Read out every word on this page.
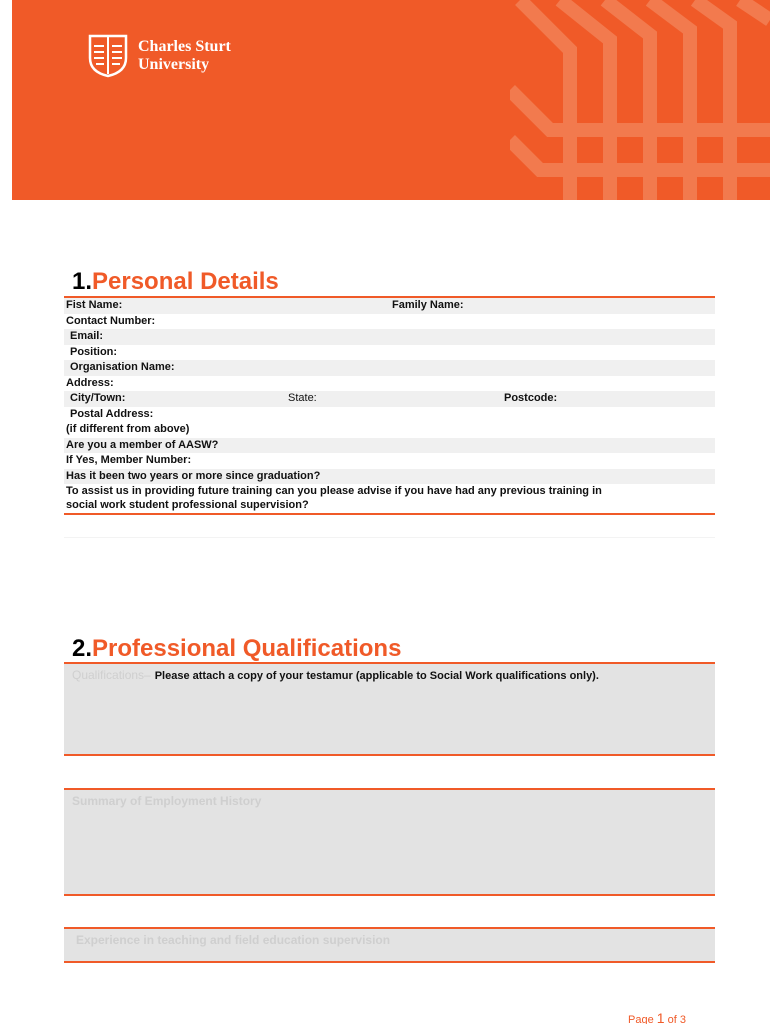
Charles Sturt
University
1.Personal Details
Fist Name:	Family Name:
Contact Number:
Email:
Position:
Organisation Name:
Address:
City/Town:	State:	Postcode:
Postal Address:
(if different from above)
Are you a member of AASW?
If Yes, Member Number:
Has it been two years or more since graduation?
To assist us in providing future training can you please advise if you have had any previous training in
social work student professional supervision?
2.Professional Qualifications
Qualifications– Please attach a copy of your testamur (applicable to Social Work qualifications only).
Summary of Employment History
Experience in teaching and field education supervision
Page 1 of 3
